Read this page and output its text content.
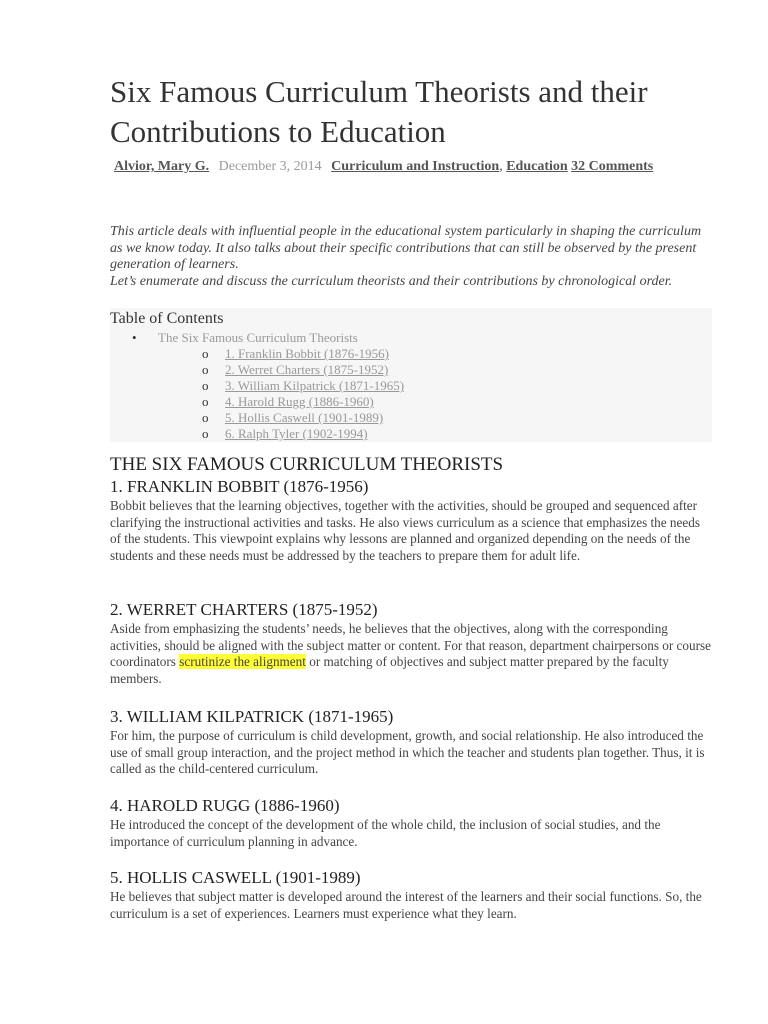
Six Famous Curriculum Theorists and their Contributions to Education
Alvior, Mary G. December 3, 2014 Curriculum and Instruction, Education 32 Comments

This article deals with influential people in the educational system particularly in shaping the curriculum as we know today. It also talks about their specific contributions that can still be observed by the present generation of learners.

Let’s enumerate and discuss the curriculum theorists and their contributions by chronological order.

Table of Contents
• The Six Famous Curriculum Theorists
o 1. Franklin Bobbit (1876-1956)
o 2. Werret Charters (1875-1952)
o 3. William Kilpatrick (1871-1965)
o 4. Harold Rugg (1886-1960)
o 5. Hollis Caswell (1901-1989)
o 6. Ralph Tyler (1902-1994)
THE SIX FAMOUS CURRICULUM THEORISTS
1. FRANKLIN BOBBIT (1876-1956)

Bobbit believes that the learning objectives, together with the activities, should be grouped and sequenced after clarifying the instructional activities and tasks. He also views curriculum as a science that emphasizes the needs of the students. This viewpoint explains why lessons are planned and organized depending on the needs of the students and these needs must be addressed by the teachers to prepare them for adult life.

2. WERRET CHARTERS (1875-1952)

Aside from emphasizing the students’ needs, he believes that the objectives, along with the corresponding activities, should be aligned with the subject matter or content. For that reason, department chairpersons or course coordinators scrutinize the alignment or matching of objectives and subject matter prepared by the faculty members.

3. WILLIAM KILPATRICK (1871-1965)

For him, the purpose of curriculum is child development, growth, and social relationship. He also introduced the use of small group interaction, and the project method in which the teacher and students plan together. Thus, it is called as the child-centered curriculum.

4. HAROLD RUGG (1886-1960)

He introduced the concept of the development of the whole child, the inclusion of social studies, and the importance of curriculum planning in advance.

5. HOLLIS CASWELL (1901-1989)

He believes that subject matter is developed around the interest of the learners and their social functions. So, the curriculum is a set of experiences. Learners must experience what they learn.
